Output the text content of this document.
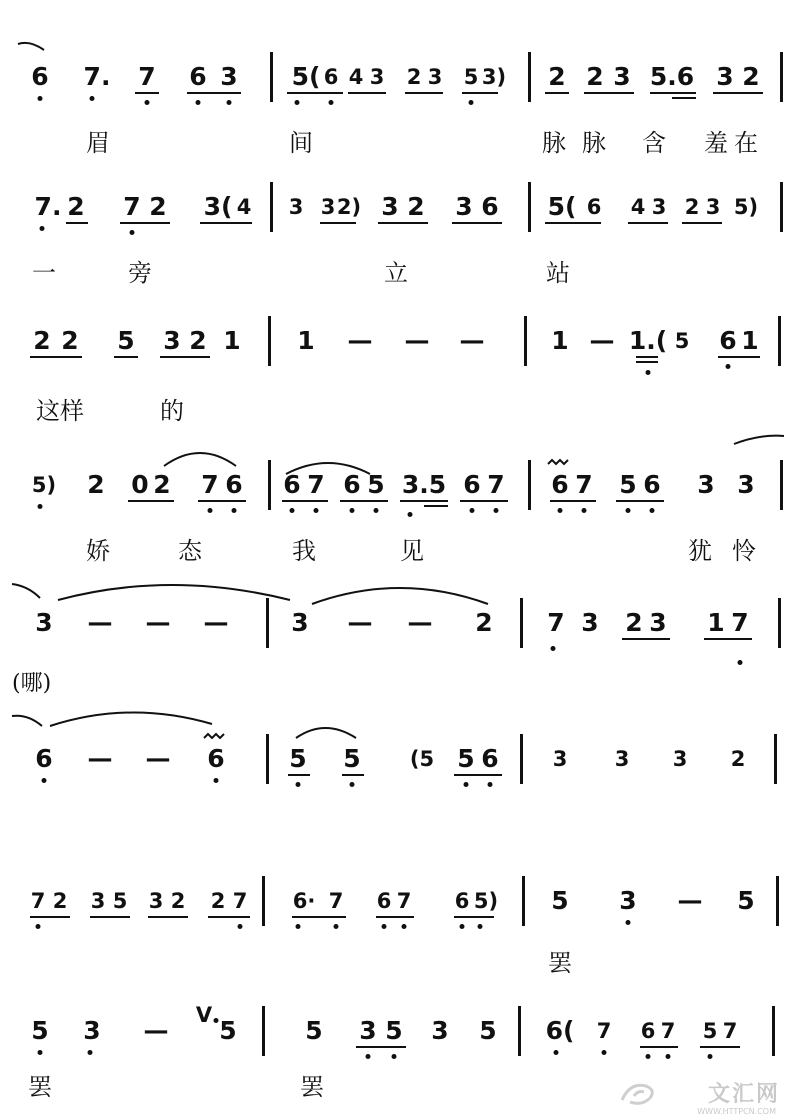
6 7. 7 6 3 5( 6 4 3 2 3 5 3) 2 2 3 5.6 3 2
眉	间	脉 脉 含 羞 在
7. 2 7 2 3( 4 3 3 2) 3 2 3 6 5( 6 4 3 2 3 5)
一	旁	立	站
2 2 5 3 2 1 1 — — —	1 — 1.( 5 6 1
这样	的
5) 2 0 2 7 6 6 7 6 5 3.5 6 7 6 7 5 6 3 3
娇	态	我	见	犹 怜
3 — — —	3 — — 2 7 3 2 3 1 7
(哪)
6 — — 6	5 5 (5 5 6	3 3 3 2
7 2 3 5 3 2 2 7 6· 7 6 7 6 5) 5 3 — 5
罢
5 3 —
V
5	5 3 5 3 5 6( 7 6 7 5 7
罢	罢	文汇网
WWW.HTTPCN.COM
